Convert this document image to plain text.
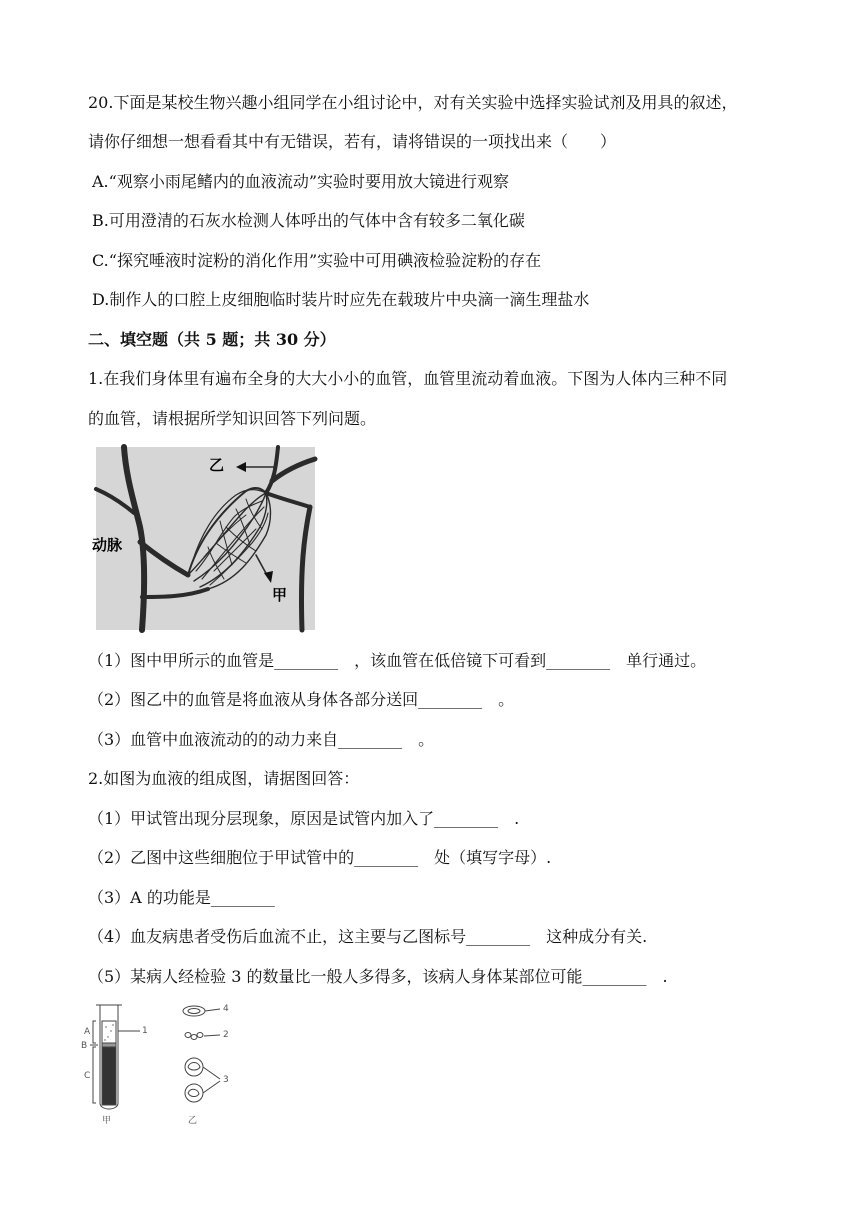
20.下面是某校生物兴趣小组同学在小组讨论中，对有关实验中选择实验试剂及用具的叙述，
请你仔细想一想看看其中有无错误，若有，请将错误的一项找出来（　　）
A.“观察小雨尾鳍内的血液流动”实验时要用放大镜进行观察
B.可用澄清的石灰水检测人体呼出的气体中含有较多二氧化碳
C.“探究唾液时淀粉的消化作用”实验中可用碘液检验淀粉的存在
D.制作人的口腔上皮细胞临时装片时应先在载玻片中央滴一滴生理盐水
二、填空题（共 5 题；共 30 分）
1.在我们身体里有遍布全身的大大小小的血管，血管里流动着血液。下图为人体内三种不同
的血管，请根据所学知识回答下列问题。
乙
动脉
甲
（1）图中甲所示的血管是________　，该血管在低倍镜下可看到________　单行通过。
（2）图乙中的血管是将血液从身体各部分送回________　。
（3）血管中血液流动的的动力来自________　。
2.如图为血液的组成图，请据图回答：
（1）甲试管出现分层现象，原因是试管内加入了________　.
（2）乙图中这些细胞位于甲试管中的________　处（填写字母）.
（3）A 的功能是________
（4）血友病患者受伤后血流不止，这主要与乙图标号________　这种成分有关.
（5）某病人经检验 3 的数量比一般人多得多，该病人身体某部位可能________　.
A
B
C
1
4
2
3
甲	乙
